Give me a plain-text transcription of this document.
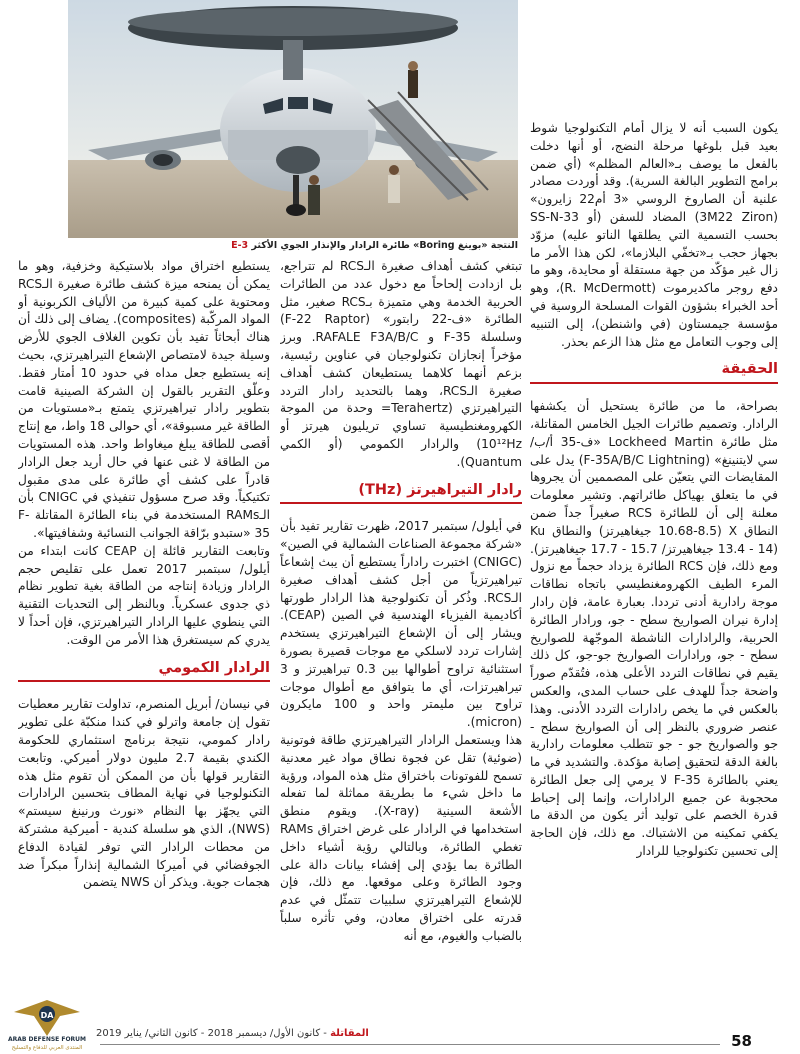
النتجة «بوينغ Boring» طائرة الرادار والإنذار الجوي الأكثر E-3

يكون السبب أنه لا يزال أمام التكنولوجيا شوط بعيد قبل بلوغها مرحلة النضج، أو أنها دخلت بالفعل ما يوصف بـ«العالم المظلم» (أي ضمن برامج التطوير البالغة السرية). وقد أوردت مصادر علنية أن الصاروخ الروسي «3 أم22 زايرون» (3M22 Ziron) المضاد للسفن (أو SS-N-33 بحسب التسمية التي يطلقها الناتو عليه) مزوّد بجهاز حجب بـ«تخفّي البلازما»، لكن هذا الأمر ما زال غير مؤكّد من جهة مستقلة أو محايدة، وهو ما دفع روجر ماكديرموت (R. McDermott)، وهو أحد الخبراء بشؤون القوات المسلحة الروسية في مؤسسة جيمستاون (في واشنطن)، إلى التنبيه إلى وجوب التعامل مع مثل هذا الزعم بحذر.

الحقيقة

بصراحة، ما من طائرة يستحيل أن يكشفها الرادار. وتصميم طائرات الجيل الخامس المقاتلة، مثل طائرة Lockheed Martin «ف-35 أ/ب/سي لايتنينغ» (F-35A/B/C Lightning) يدل على المقايضات التي يتعيّن على المصممين أن يجروها في ما يتعلق بهياكل طائراتهم. وتشير معلومات معلنة إلى أن للطائرة RCS صغيراً جداً ضمن النطاق X (10.68-8.5 جيغاهيرتز) والنطاق Ku (13.4 - 14 جيغاهيرتز/ 15.7 - 17.7 جيغاهيرتز). ومع ذلك، فإن RCS الطائرة يزداد حجماً مع نزول المرء الطيف الكهرومغنطيسي باتجاه نطاقات موجة رادارية أدنى ترددا. بعبارة عامة، فإن رادار إدارة نيران الصواريخ سطح - جو، ورادار الطائرة الحربية، والرادارات الناشطة الموجّهة للصواريخ سطح - جو، ورادارات الصواريخ جو-جو، كل ذلك يقيم في نطاقات التردد الأعلى هذه، فتُقدّم صوراً واضحة جداً للهدف على حساب المدى، والعكس بالعكس في ما يخص رادارات التردد الأدنى. وهذا عنصر ضروري بالنظر إلى أن الصواريخ سطح - جو والصواريخ جو - جو تتطلب معلومات رادارية بالغة الدقة لتحقيق إصابة مؤكدة. والتشديد في ما يعني بالطائرة F-35 لا يرمي إلى جعل الطائرة محجوبة عن جميع الرادارات، وإنما إلى إحباط قدرة الخصم على توليد أثر يكون من الدقة ما يكفي تمكينه من الاشتباك. مع ذلك، فإن الحاجة إلى تحسين تكنولوجيا للرادار

تبتغي كشف أهداف صغيرة الـRCS لم تتراجع، بل ازدادت إلحاحاً مع دخول عدد من الطائرات الحربية الخدمة وهي متميزة بـRCS صغير، مثل الطائرة «ف-22 رابتور» (F-22 Raptor) وسلسلة F-35 و RAFALE F3A/B/C. وبرز مؤخراً إنجازان تكنولوجيان في عناوين رئيسية، بزعم أنهما كلاهما يستطيعان كشف أهداف صغيرة الـRCS، وهما بالتحديد رادار التردد التيراهيرتزي (Terahertz= وحدة من الموجة الكهرومغنطيسية تساوي تريليون هيرتز أو 10¹²Hz) والرادار الكمومي (أو الكمي Quantum).

رادار التيراهيرتز (THz)

في أيلول/ سبتمبر 2017، ظهرت تقارير تفيد بأن «شركة مجموعة الصناعات الشمالية في الصين» (CNIGC) اختبرت راداراً يستطيع أن يبث إشعاعاً تيراهيرتزياً من أجل كشف أهداف صغيرة الـRCS. وذُكر أن تكنولوجية هذا الرادار طورتها أكاديمية الفيزياء الهندسية في الصين (CEAP). ويشار إلى أن الإشعاع التيراهيرتزي يستخدم إشارات تردد لاسلكي مع موجات قصيرة بصورة استثنائية تراوح أطوالها بين 0.3 تيراهيرتز و 3 تيراهيرتزات، أي ما يتوافق مع أطوال موجات تراوح بين مليمتر واحد و 100 مايكرون (micron).

هذا ويستعمل الرادار التيراهيرتزي طاقة فوتونية (ضوئية) تقل عن فجوة نطاق مواد غير معدنية تسمح للفوتونات باختراق مثل هذه المواد، ورؤية ما داخل شيء ما بطريقة مماثلة لما تفعله الأشعة السينية (X-ray). ويقوم منطق استخدامها في الرادار على غرض اختراق RAMs تغطي الطائرة، وبالتالي رؤية أشياء داخل الطائرة بما يؤدي إلى إفشاء بيانات دالة على وجود الطائرة وعلى موقعها. مع ذلك، فإن للإشعاع التيراهيرتزي سلبيات تتمثّل في عدم قدرته على اختراق معادن، وفي تأثره سلباً بالضباب والغيوم، مع أنه

يستطيع اختراق مواد بلاستيكية وخزفية، وهو ما يمكن أن يمنحه ميزة كشف طائرة صغيرة الـRCS ومحتوية على كمية كبيرة من الألياف الكربونية أو المواد المركّبة (composites). يضاف إلى ذلك أن هناك أبحاثاً تفيد بأن تكوين الغلاف الجوي للأرض وسيلة جيدة لامتصاص الإشعاع التيراهيرتزي، بحيث إنه يستطيع جعل مداه في حدود 10 أمتار فقط. وعلّق التقرير بالقول إن الشركة الصينية قامت بتطوير رادار تيراهيرتزي يتمتع بـ«مستويات من الطاقة غير مسبوقة»، أي حوالى 18 واط، مع إنتاج أقصى للطاقة يبلغ ميغاواط واحد. هذه المستويات من الطاقة لا غنى عنها في حال أريد جعل الرادار قادراً على كشف أي طائرة على مدى مقبول تكتيكياً. وقد صرح مسؤول تنفيذي في CNIGC بأن الـRAMs المستخدمة في بناء الطائرة المقاتلة F-35 «ستبدو برّاقة الجوانب النسائية وشفافيتها».

وتابعت التقارير قائلة إن CEAP كانت ابتداء من أيلول/ سبتمبر 2017 تعمل على تقليص حجم الرادار وزيادة إنتاجه من الطاقة بغية تطوير نظام ذي جدوى عسكرياً. وبالنظر إلى التحديات التقنية التي ينطوي عليها الرادار التيراهيرتزي، فإن أحداً لا يدري كم سيستغرق هذا الأمر من الوقت.

الرادار الكمومي

في نيسان/ أبريل المنصرم، تداولت تقارير معطيات تقول إن جامعة واترلو في كندا منكبّة على تطوير رادار كمومي، نتيجة برنامج استثماري للحكومة الكندي بقيمة 2.7 مليون دولار أميركي. وتابعت التقارير قولها بأن من الممكن أن تقوم مثل هذه التكنولوجيا في نهاية المطاف بتحسين الرادارات التي يجهّز بها النظام «نورث ورنينغ سيستم» (NWS)، الذي هو سلسلة كندية - أميركية مشتركة من محطات الرادار التي توفر لقيادة الدفاع الجوفضائي في أميركا الشمالية إنذاراً مبكراً ضد هجمات جوية. ويذكر أن NWS يتضمن

المقاتلة - كانون الأول/ ديسمبر 2018 - كانون الثاني/ يناير 2019	58
DA
ARAB DEFENSE FORUM
المنتدى العربي للدفاع والتسليح
